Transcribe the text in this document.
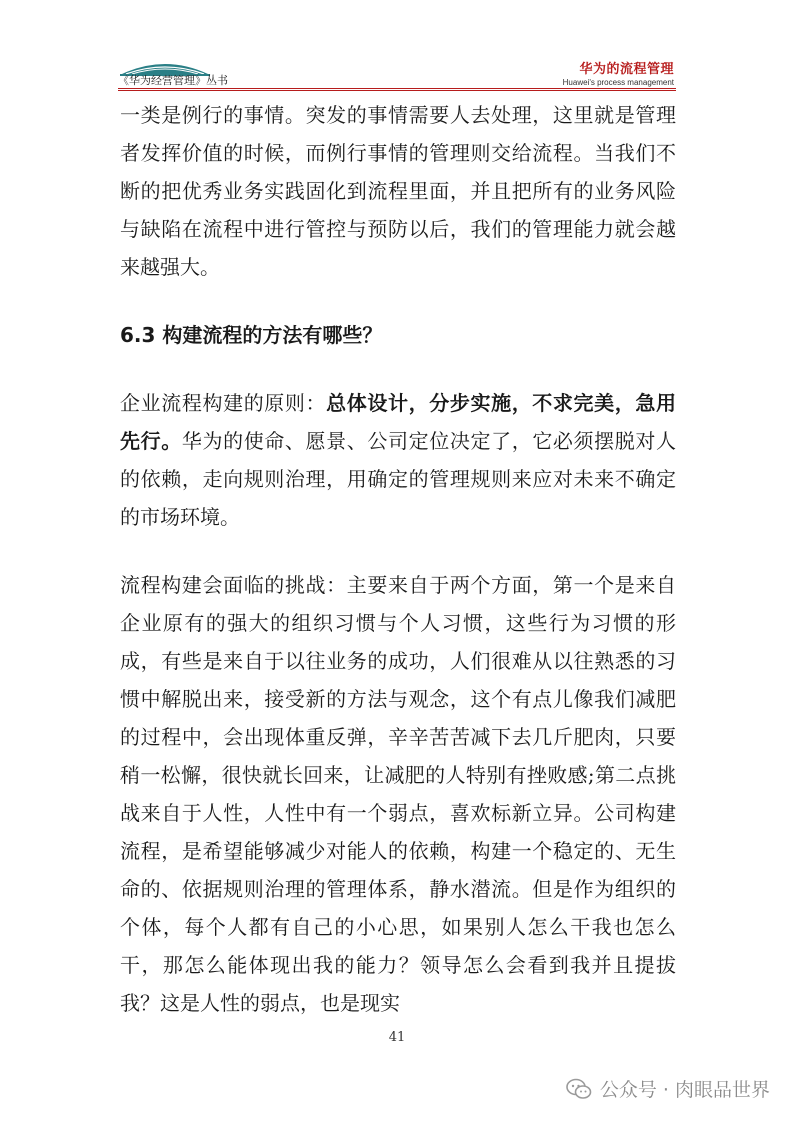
《华为经营管理》丛书
华为的流程管理
Huawei's process management

一类是例行的事情。突发的事情需要人去处理，这里就是管理者发挥价值的时候，而例行事情的管理则交给流程。当我们不断的把优秀业务实践固化到流程里面，并且把所有的业务风险与缺陷在流程中进行管控与预防以后，我们的管理能力就会越来越强大。

6.3 构建流程的方法有哪些？

企业流程构建的原则：总体设计，分步实施，不求完美，急用先行。华为的使命、愿景、公司定位决定了，它必须摆脱对人的依赖，走向规则治理，用确定的管理规则来应对未来不确定的市场环境。

流程构建会面临的挑战：主要来自于两个方面，第一个是来自企业原有的强大的组织习惯与个人习惯，这些行为习惯的形成，有些是来自于以往业务的成功，人们很难从以往熟悉的习惯中解脱出来，接受新的方法与观念，这个有点儿像我们减肥的过程中，会出现体重反弹，辛辛苦苦减下去几斤肥肉，只要稍一松懈，很快就长回来，让减肥的人特别有挫败感;第二点挑战来自于人性，人性中有一个弱点，喜欢标新立异。公司构建流程，是希望能够减少对能人的依赖，构建一个稳定的、无生命的、依据规则治理的管理体系，静水潜流。但是作为组织的个体，每个人都有自己的小心思，如果别人怎么干我也怎么干，那怎么能体现出我的能力？领导怎么会看到我并且提拔我？这是人性的弱点，也是现实

41
公众号 · 肉眼品世界
